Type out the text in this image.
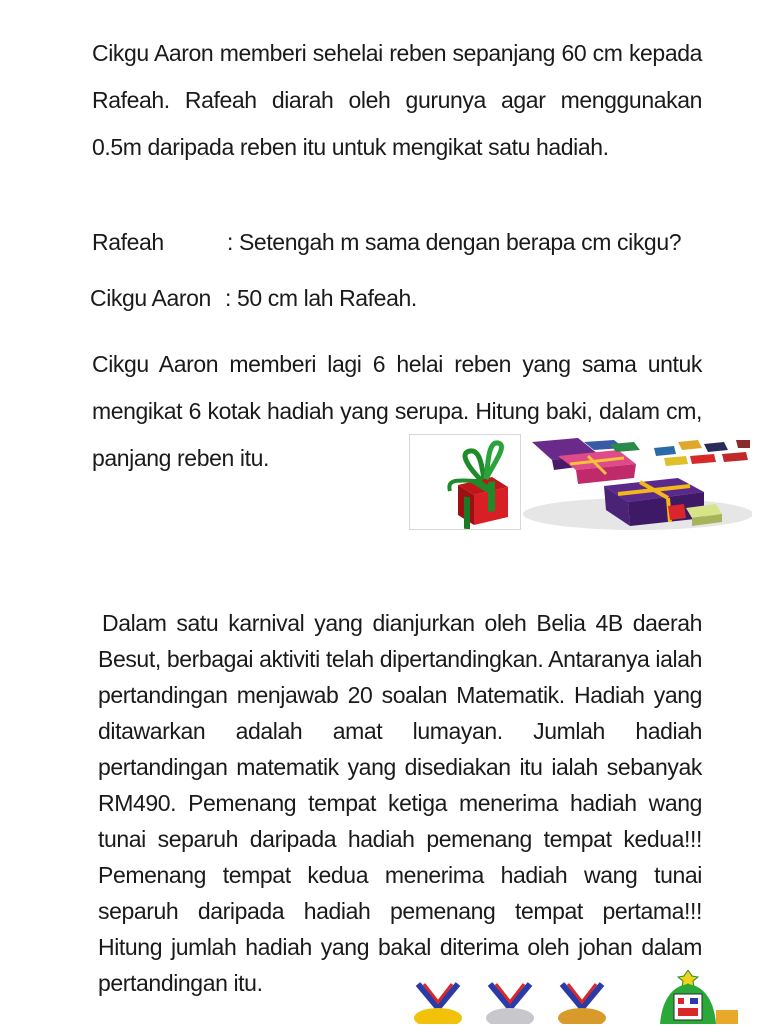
Cikgu Aaron memberi sehelai reben sepanjang 60 cm kepada Rafeah. Rafeah diarah oleh gurunya agar menggunakan 0.5m daripada reben itu untuk mengikat satu hadiah.

Rafeah	: Setengah m sama dengan berapa cm cikgu?
Cikgu Aaron : 50 cm lah Rafeah.

Cikgu Aaron memberi lagi 6 helai reben yang sama untuk mengikat 6 kotak hadiah yang serupa. Hitung baki, dalam cm, panjang reben itu.

Dalam satu karnival yang dianjurkan oleh Belia 4B daerah Besut, berbagai aktiviti telah dipertandingkan. Antaranya ialah pertandingan menjawab 20 soalan Matematik. Hadiah yang ditawarkan adalah amat lumayan. Jumlah hadiah pertandingan matematik yang disediakan itu ialah sebanyak RM490. Pemenang tempat ketiga menerima hadiah wang tunai separuh daripada hadiah pemenang tempat kedua!!! Pemenang tempat kedua menerima hadiah wang tunai separuh daripada hadiah pemenang tempat pertama!!! Hitung jumlah hadiah yang bakal diterima oleh johan dalam pertandingan itu.
